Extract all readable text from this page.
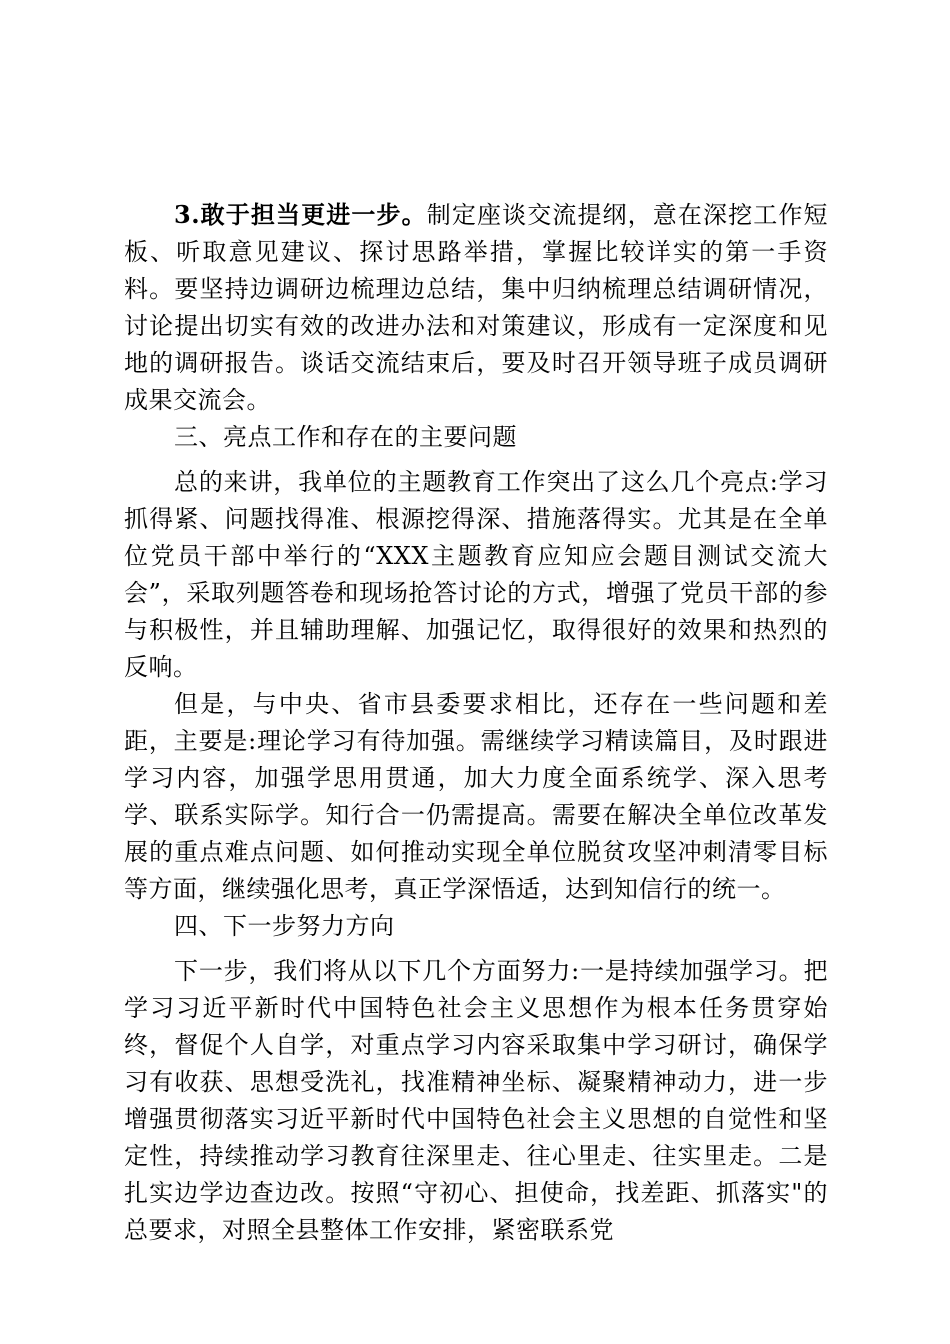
3.敢于担当更进一步。制定座谈交流提纲，意在深挖工作短板、听取意见建议、探讨思路举措，掌握比较详实的第一手资料。要坚持边调研边梳理边总结，集中归纳梳理总结调研情况，讨论提出切实有效的改进办法和对策建议，形成有一定深度和见地的调研报告。谈话交流结束后，要及时召开领导班子成员调研成果交流会。

三、亮点工作和存在的主要问题

总的来讲，我单位的主题教育工作突出了这么几个亮点:学习抓得紧、问题找得准、根源挖得深、措施落得实。尤其是在全单位党员干部中举行的“XXX主题教育应知应会题目测试交流大会”，采取列题答卷和现场抢答讨论的方式，增强了党员干部的参与积极性，并且辅助理解、加强记忆，取得很好的效果和热烈的反响。

但是，与中央、省市县委要求相比，还存在一些问题和差距，主要是:理论学习有待加强。需继续学习精读篇目，及时跟进学习内容，加强学思用贯通，加大力度全面系统学、深入思考学、联系实际学。知行合一仍需提高。需要在解决全单位改革发展的重点难点问题、如何推动实现全单位脱贫攻坚冲刺清零目标等方面，继续强化思考，真正学深悟适，达到知信行的统一。

四、下一步努力方向

下一步，我们将从以下几个方面努力:一是持续加强学习。把学习习近平新时代中国特色社会主义思想作为根本任务贯穿始终，督促个人自学，对重点学习内容采取集中学习研讨，确保学习有收获、思想受洗礼，找准精神坐标、凝聚精神动力，进一步增强贯彻落实习近平新时代中国特色社会主义思想的自觉性和坚定性，持续推动学习教育往深里走、往心里走、往实里走。二是扎实边学边查边改。按照“守初心、担使命，找差距、抓落实"的总要求，对照全县整体工作安排，紧密联系党
